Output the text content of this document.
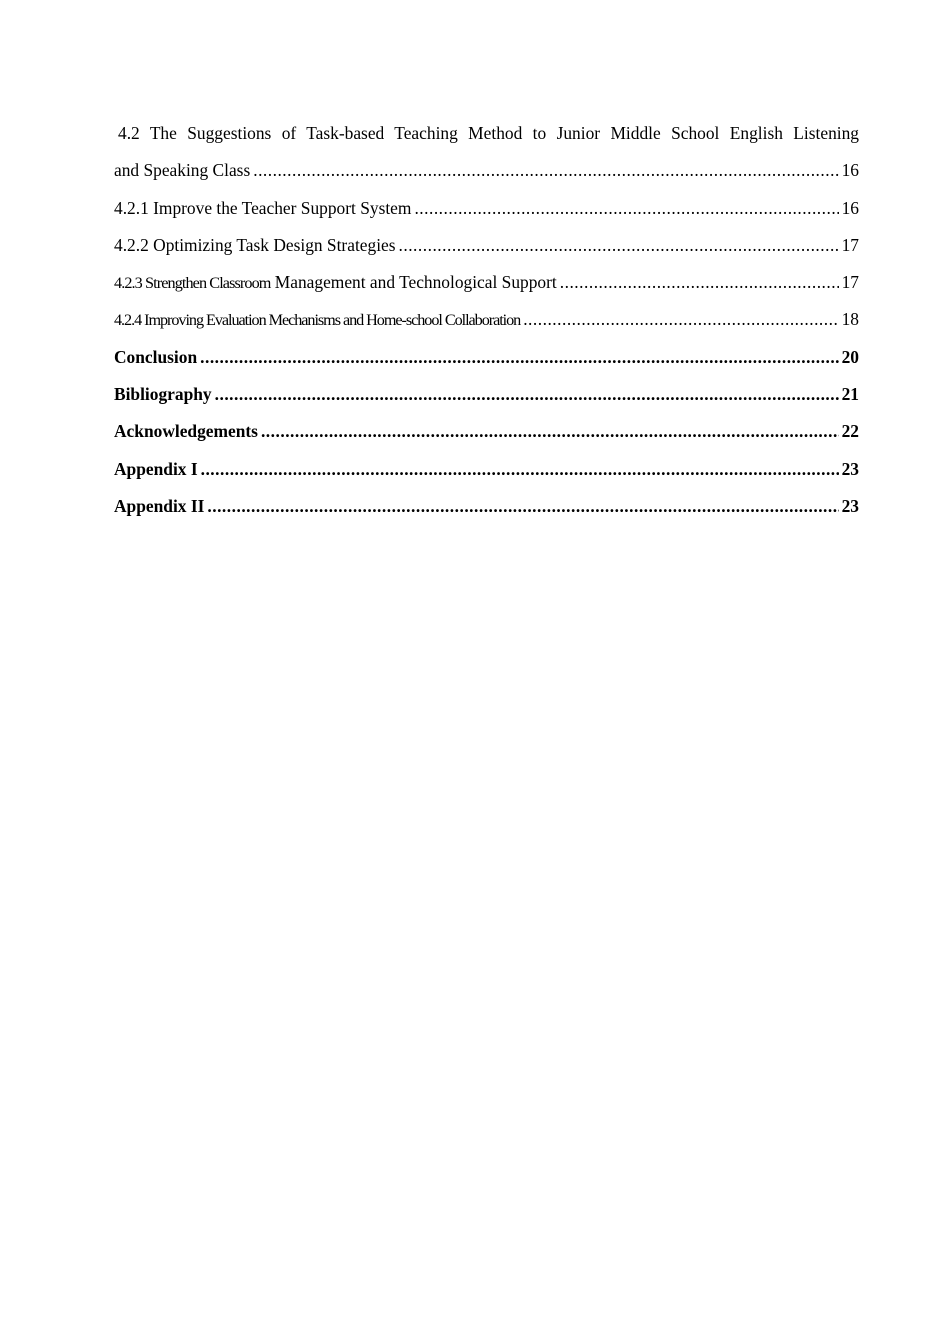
4.2 The Suggestions of Task-based Teaching Method to Junior Middle School English Listening
and Speaking Class .....	16
4.2.1 Improve the Teacher Support System .....	16
4.2.2 Optimizing Task Design Strategies .....	17
4.2.3 Strengthen Classroom Management and Technological Support .....	17
4.2.4 Improving Evaluation Mechanisms and Home-school Collaboration .....	18
Conclusion .....	20
Bibliography .....	21
Acknowledgements .....	22
Appendix I .....	23
Appendix II .....	23
